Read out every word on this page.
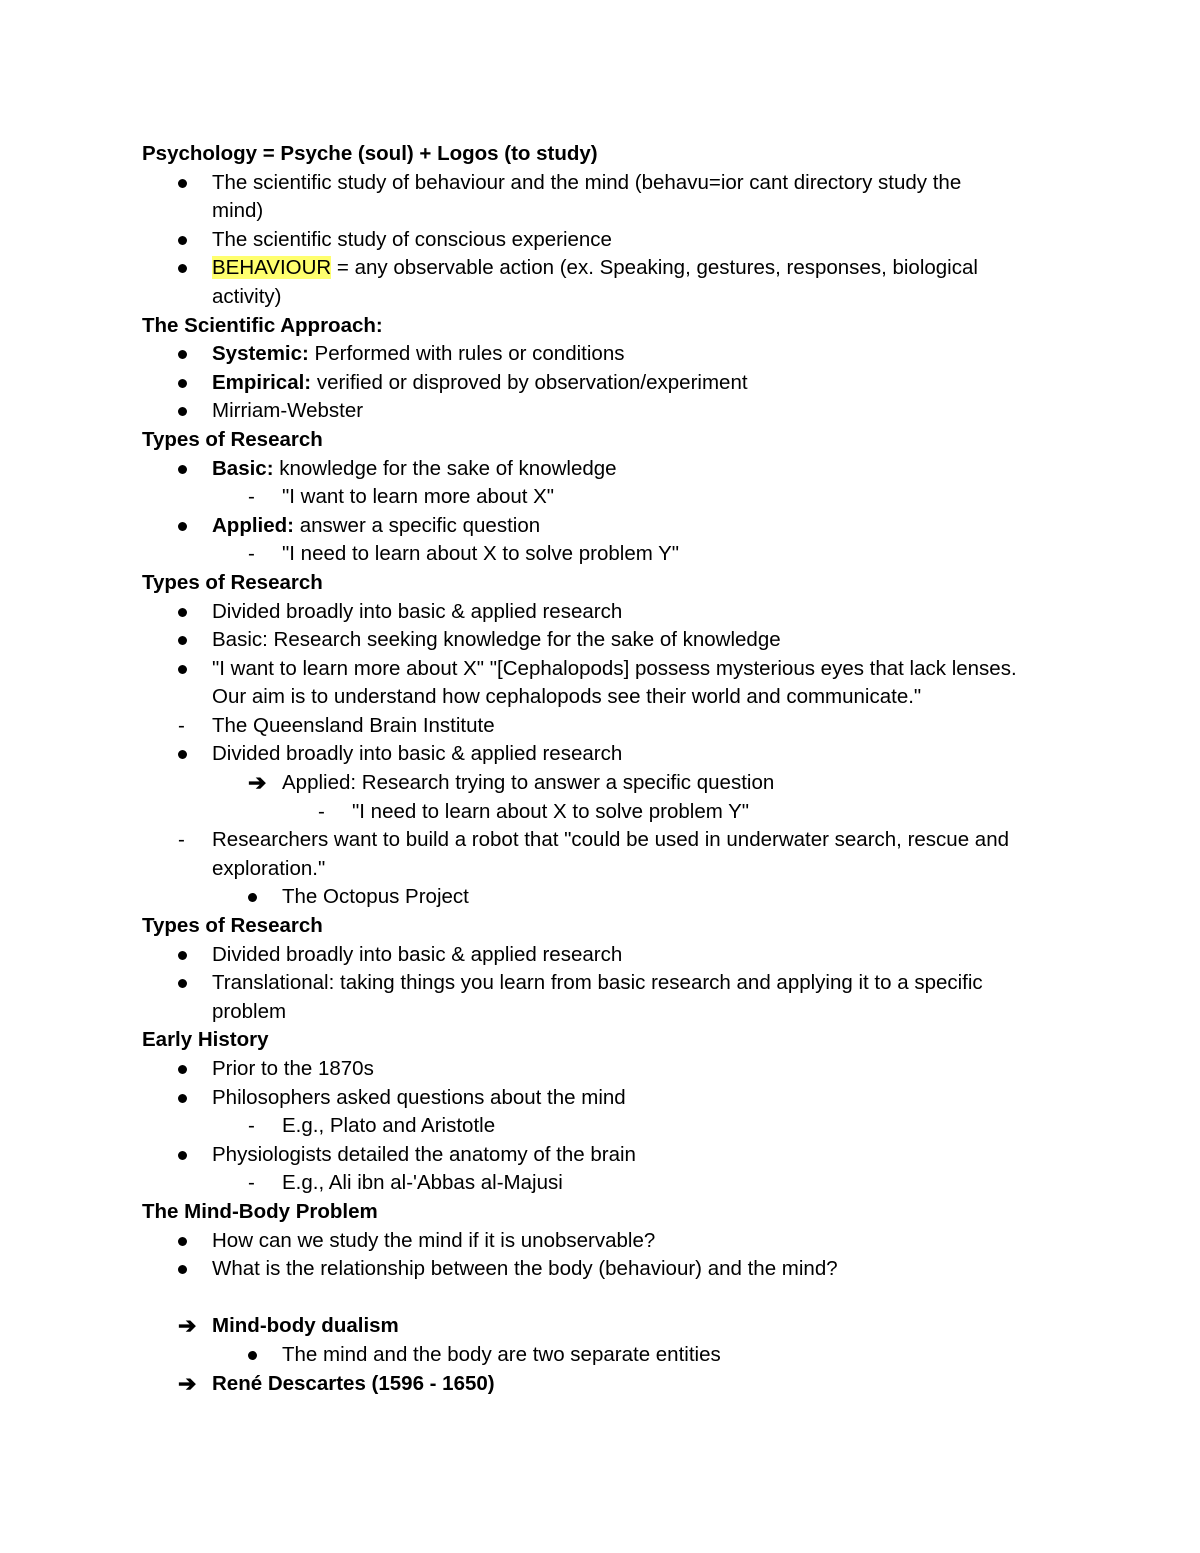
Psychology = Psyche (soul) + Logos (to study)
The scientific study of behaviour and the mind (behavu=ior cant directory study the
mind)
The scientific study of conscious experience
BEHAVIOUR = any observable action (ex. Speaking, gestures, responses, biological
activity)
The Scientific Approach:
Systemic: Performed with rules or conditions
Empirical: verified or disproved by observation/experiment
Mirriam-Webster
Types of Research
Basic: knowledge for the sake of knowledge
-	"I want to learn more about X"
Applied: answer a specific question
-	"I need to learn about X to solve problem Y"
Types of Research
Divided broadly into basic & applied research
Basic: Research seeking knowledge for the sake of knowledge
"I want to learn more about X" "[Cephalopods] possess mysterious eyes that lack lenses.
Our aim is to understand how cephalopods see their world and communicate."
-	The Queensland Brain Institute
Divided broadly into basic & applied research
➔ Applied: Research trying to answer a specific question
-	"I need to learn about X to solve problem Y"
-	Researchers want to build a robot that "could be used in underwater search, rescue and
exploration."
The Octopus Project
Types of Research
Divided broadly into basic & applied research
Translational: taking things you learn from basic research and applying it to a specific
problem
Early History
Prior to the 1870s
Philosophers asked questions about the mind
-	E.g., Plato and Aristotle
Physiologists detailed the anatomy of the brain
-	E.g., Ali ibn al-'Abbas al-Majusi
The Mind-Body Problem
How can we study the mind if it is unobservable?
What is the relationship between the body (behaviour) and the mind?
➔ Mind-body dualism
The mind and the body are two separate entities
➔ René Descartes (1596 - 1650)
